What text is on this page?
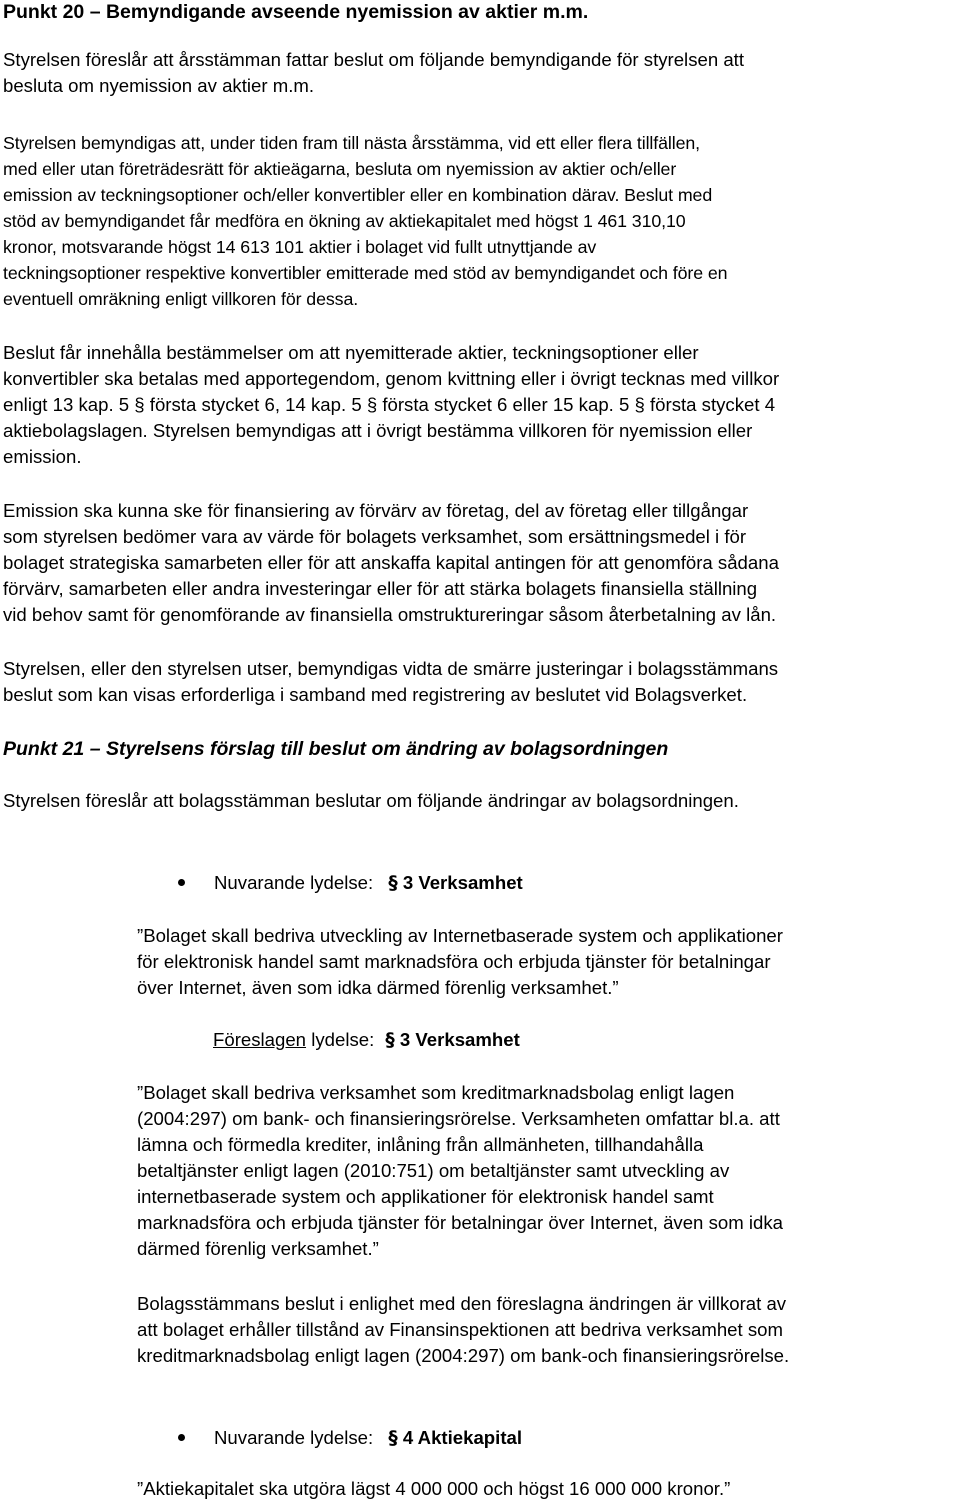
Punkt 20 – Bemyndigande avseende nyemission av aktier m.m.

Styrelsen föreslår att årsstämman fattar beslut om följande bemyndigande för styrelsen att
besluta om nyemission av aktier m.m.

Styrelsen bemyndigas att, under tiden fram till nästa årsstämma, vid ett eller flera tillfällen,
med eller utan företrädesrätt för aktieägarna, besluta om nyemission av aktier och/eller
emission av teckningsoptioner och/eller konvertibler eller en kombination därav. Beslut med
stöd av bemyndigandet får medföra en ökning av aktiekapitalet med högst 1 461 310,10
kronor, motsvarande högst 14 613 101 aktier i bolaget vid fullt utnyttjande av
teckningsoptioner respektive konvertibler emitterade med stöd av bemyndigandet och före en
eventuell omräkning enligt villkoren för dessa.

Beslut får innehålla bestämmelser om att nyemitterade aktier, teckningsoptioner eller
konvertibler ska betalas med apportegendom, genom kvittning eller i övrigt tecknas med villkor
enligt 13 kap. 5 § första stycket 6, 14 kap. 5 § första stycket 6 eller 15 kap. 5 § första stycket 4
aktiebolagslagen. Styrelsen bemyndigas att i övrigt bestämma villkoren för nyemission eller
emission.

Emission ska kunna ske för finansiering av förvärv av företag, del av företag eller tillgångar
som styrelsen bedömer vara av värde för bolagets verksamhet, som ersättningsmedel i för
bolaget strategiska samarbeten eller för att anskaffa kapital antingen för att genomföra sådana
förvärv, samarbeten eller andra investeringar eller för att stärka bolagets finansiella ställning
vid behov samt för genomförande av finansiella omstruktureringar såsom återbetalning av lån.

Styrelsen, eller den styrelsen utser, bemyndigas vidta de smärre justeringar i bolagsstämmans
beslut som kan visas erforderliga i samband med registrering av beslutet vid Bolagsverket.

Punkt 21 – Styrelsens förslag till beslut om ändring av bolagsordningen

Styrelsen föreslår att bolagsstämman beslutar om följande ändringar av bolagsordningen.

Nuvarande lydelse: § 3 Verksamhet
”Bolaget skall bedriva utveckling av Internetbaserade system och applikationer
för elektronisk handel samt marknadsföra och erbjuda tjänster för betalningar
över Internet, även som idka därmed förenlig verksamhet.”
Föreslagen lydelse: § 3 Verksamhet
”Bolaget skall bedriva verksamhet som kreditmarknadsbolag enligt lagen
(2004:297) om bank- och finansieringsrörelse. Verksamheten omfattar bl.a. att
lämna och förmedla krediter, inlåning från allmänheten, tillhandahålla
betaltjänster enligt lagen (2010:751) om betaltjänster samt utveckling av
internetbaserade system och applikationer för elektronisk handel samt
marknadsföra och erbjuda tjänster för betalningar över Internet, även som idka
därmed förenlig verksamhet.”
Bolagsstämmans beslut i enlighet med den föreslagna ändringen är villkorat av
att bolaget erhåller tillstånd av Finansinspektionen att bedriva verksamhet som
kreditmarknadsbolag enligt lagen (2004:297) om bank-och finansieringsrörelse.
Nuvarande lydelse: § 4 Aktiekapital
”Aktiekapitalet ska utgöra lägst 4 000 000 och högst 16 000 000 kronor.”
